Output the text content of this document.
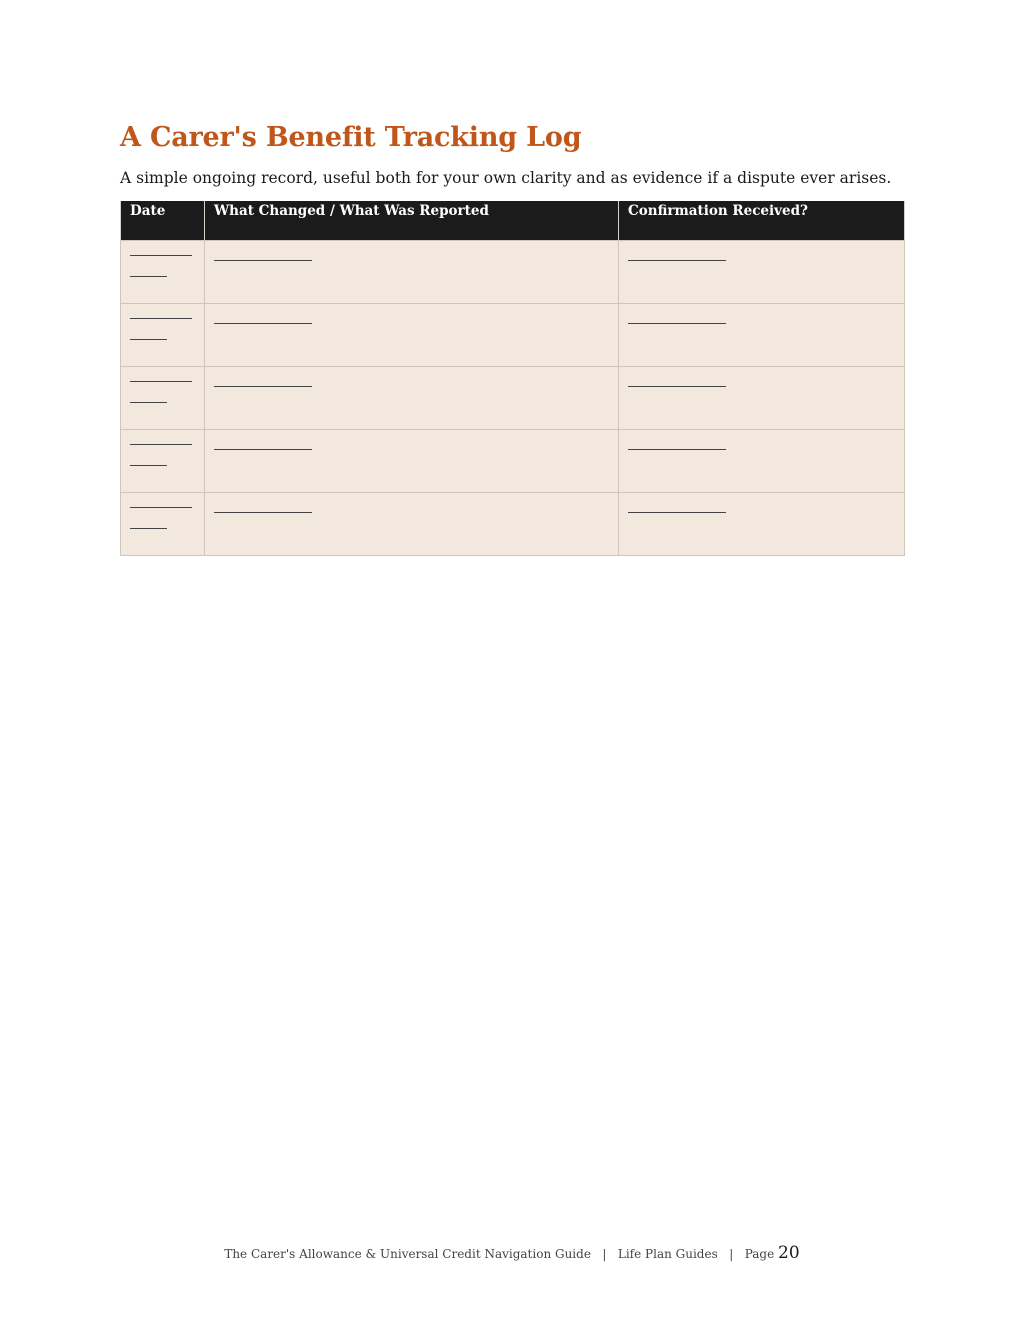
A Carer's Benefit Tracking Log

A simple ongoing record, useful both for your own clarity and as evidence if a dispute ever arises.

Date	What Changed / What Was Reported	Confirmation Received?

The Carer's Allowance & Universal Credit Navigation Guide | Life Plan Guides | Page 20
